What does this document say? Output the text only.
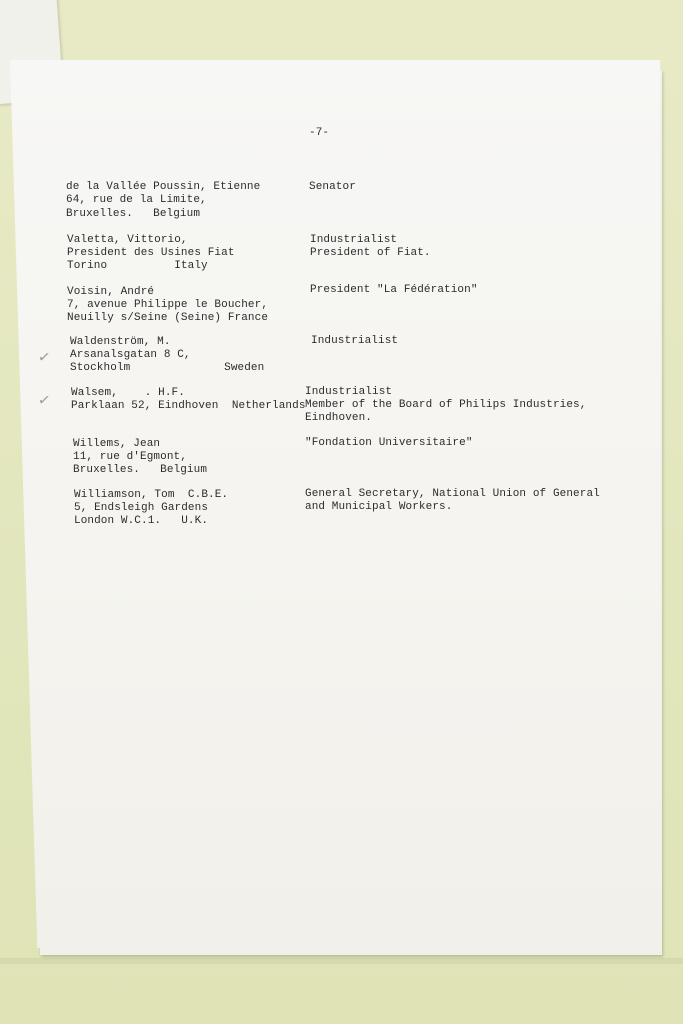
-7-
de la Vallée Poussin, Etienne
64, rue de la Limite,
Bruxelles.   Belgium
Senator
Valetta, Vittorio,
President des Usines Fiat
Torino          Italy
Industrialist
President of Fiat.
Voisin, André
7, avenue Philippe le Boucher,
Neuilly s/Seine (Seine) France
President "La Fédération"
✓
Waldenström, M.
Arsanalsgatan 8 C,
Stockholm              Sweden
Industrialist
✓ Walsem,    . H.F.
Parklaan 52, Eindhoven  Netherlands
Industrialist
Member of the Board of Philips Industries,
Eindhoven.
Willems, Jean
11, rue d'Egmont,
Bruxelles.   Belgium
"Fondation Universitaire"
Williamson, Tom  C.B.E.
5, Endsleigh Gardens
London W.C.1.   U.K.
General Secretary, National Union of General
and Municipal Workers.
